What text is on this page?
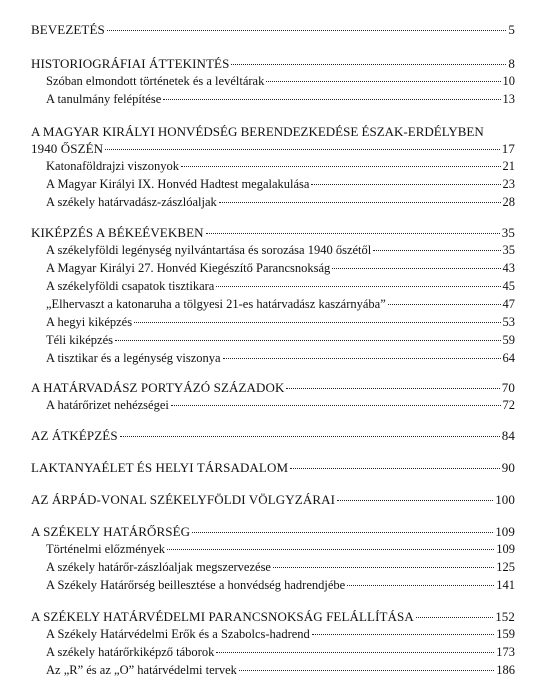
BEVEZETÉS	5
HISTORIOGRÁFIAI ÁTTEKINTÉS	8
Szóban elmondott történetek és a levéltárak	10
A tanulmány felépítése	13
A MAGYAR KIRÁLYI HONVÉDSÉG BERENDEZKEDÉSE ÉSZAK-ERDÉLYBEN
1940 ŐSZÉN	17
Katonaföldrajzi viszonyok	21
A Magyar Királyi IX. Honvéd Hadtest megalakulása	23
A székely határvadász-zászlóaljak	28
KIKÉPZÉS A BÉKEÉVEKBEN	35
A székelyföldi legénység nyilvántartása és sorozása 1940 őszétől	35
A Magyar Királyi 27. Honvéd Kiegészítő Parancsnokság	43
A székelyföldi csapatok tisztikara	45
„Elhervaszt a katonaruha a tölgyesi 21-es határvadász kaszárnyába”	47
A hegyi kiképzés	53
Téli kiképzés	59
A tisztikar és a legénység viszonya	64
A HATÁRVADÁSZ PORTYÁZÓ SZÁZADOK	70
A határőrizet nehézségei	72
AZ ÁTKÉPZÉS	84
LAKTANYAÉLET ÉS HELYI TÁRSADALOM	90
AZ ÁRPÁD-VONAL SZÉKELYFÖLDI VÖLGYZÁRAI	100
A SZÉKELY HATÁRŐRSÉG	109
Történelmi előzmények	109
A székely határőr-zászlóaljak megszervezése	125
A Székely Határőrség beillesztése a honvédség hadrendjébe	141
A SZÉKELY HATÁRVÉDELMI PARANCSNOKSÁG FELÁLLÍTÁSA	152
A Székely Határvédelmi Erők és a Szabolcs-hadrend	159
A székely határőrkiképző táborok	173
Az „R” és az „O” határvédelmi tervek	186
